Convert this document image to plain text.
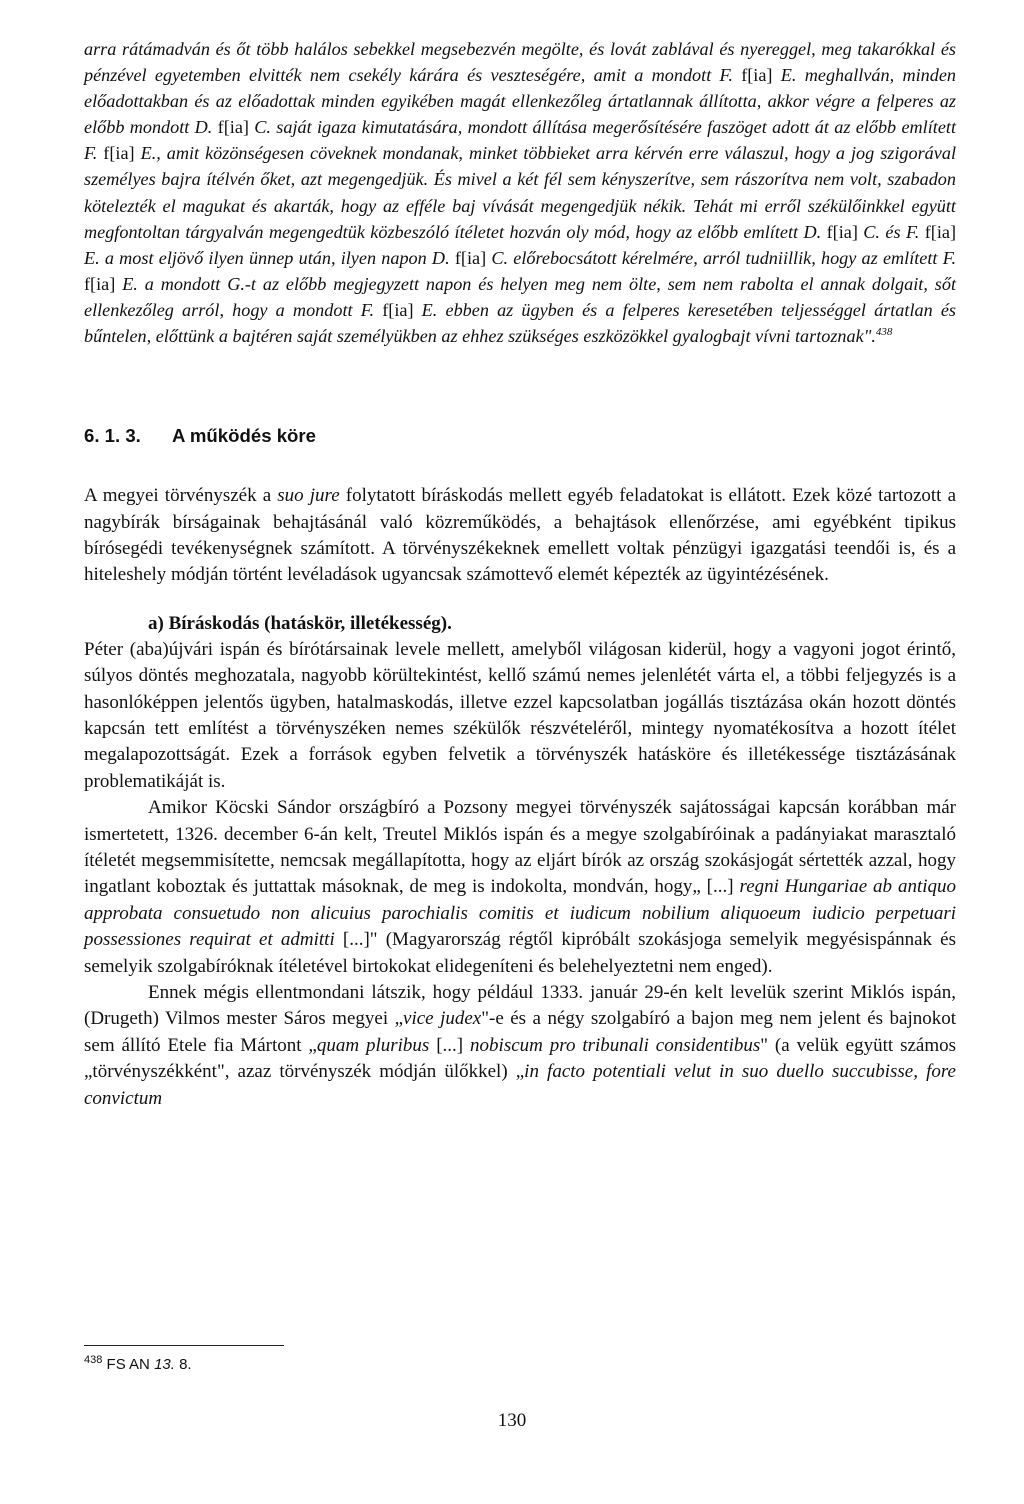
arra rátámadván és őt több halálos sebekkel megsebezvén megölte, és lovát zablával és nyereggel, meg takarókkal és pénzével egyetemben elvitték nem csekély kárára és veszteségére, amit a mondott F. f[ia] E. meghallván, minden előadottakban és az előadottak minden egyikében magát ellenkezőleg ártatlannak állította, akkor végre a felperes az előbb mondott D. f[ia] C. saját igaza kimutatására, mondott állítása megerősítésére faszöget adott át az előbb említett F. f[ia] E., amit közönségesen cöveknek mondanak, minket többieket arra kérvén erre válaszul, hogy a jog szigorával személyes bajra ítélvén őket, azt megengedjük. És mivel a két fél sem kényszerítve, sem rászorítva nem volt, szabadon kötelezték el magukat és akarták, hogy az efféle baj vívását megengedjük nékik. Tehát mi erről székülőinkkel együtt megfontoltan tárgyalván megengedtük közbeszóló ítéletet hozván oly mód, hogy az előbb említett D. f[ia] C. és F. f[ia] E. a most eljövő ilyen ünnep után, ilyen napon D. f[ia] C. előrebocsátott kérelmére, arról tudniillik, hogy az említett F. f[ia] E. a mondott G.-t az előbb megjegyzett napon és helyen meg nem ölte, sem nem rabolta el annak dolgait, sőt ellenkezőleg arról, hogy a mondott F. f[ia] E. ebben az ügyben és a felperes keresetében teljességgel ártatlan és bűntelen, előttünk a bajtéren saját személyükben az ehhez szükséges eszközökkel gyalogbajt vívni tartoznak".$^{438}$

6. 1. 3. A működés köre

A megyei törvényszék a suo jure folytatott bíráskodás mellett egyéb feladatokat is ellátott. Ezek közé tartozott a nagybírák bírságainak behajtásánál való közreműködés, a behajtások ellenőrzése, ami egyébként tipikus bírósegédi tevékenységnek számított. A törvényszékeknek emellett voltak pénzügyi igazgatási teendői is, és a hiteleshely módján történt levéladások ugyancsak számottevő elemét képezték az ügyintézésének.

a) Bíráskodás (hatáskör, illetékesség).

Péter (aba)újvári ispán és bírótársainak levele mellett, amelyből világosan kiderül, hogy a vagyoni jogot érintő, súlyos döntés meghozatala, nagyobb körültekintést, kellő számú nemes jelenlétét várta el, a többi feljegyzés is a hasonlóképpen jelentős ügyben, hatalmaskodás, illetve ezzel kapcsolatban jogállás tisztázása okán hozott döntés kapcsán tett említést a törvényszéken nemes székülők részvételéről, mintegy nyomatékosítva a hozott ítélet megalapozottságát. Ezek a források egyben felvetik a törvényszék hatásköre és illetékessége tisztázásának problematikáját is.

Amikor Köcski Sándor országbíró a Pozsony megyei törvényszék sajátosságai kapcsán korábban már ismertetett, 1326. december 6-án kelt, Treutel Miklós ispán és a megye szolgabíróinak a padányiakat marasztaló ítéletét megsemmisítette, nemcsak megállapította, hogy az eljárt bírók az ország szokásjogát sértették azzal, hogy ingatlant koboztak és juttattak másoknak, de meg is indokolta, mondván, hogy„ [...] regni Hungariae ab antiquo approbata consuetudo non alicuius parochialis comitis et iudicum nobilium aliquoeum iudicio perpetuari possessiones requirat et admitti [...]" (Magyarország régtől kipróbált szokásjoga semelyik megyésispánnak és semelyik szolgabíróknak ítéletével birtokokat elidegeníteni és belehelyeztetni nem enged).

Ennek mégis ellentmondani látszik, hogy például 1333. január 29-én kelt levelük szerint Miklós ispán, (Drugeth) Vilmos mester Sáros megyei „vice judex"-e és a négy szolgabíró a bajon meg nem jelent és bajnokot sem állító Etele fia Mártont „quam pluribus [...] nobiscum pro tribunali considentibus" (a velük együtt számos „törvényszékként", azaz törvényszék módján ülőkkel) „in facto potentiali velut in suo duello succubisse, fore convictum

$^{438}$ FS AN 13. 8.
130
